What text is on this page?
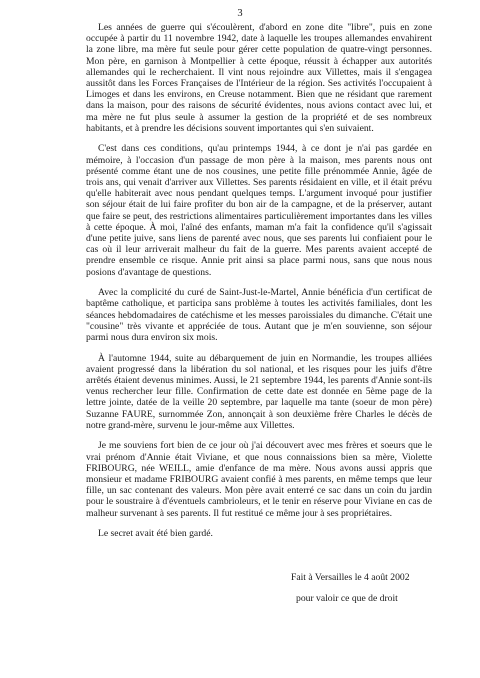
3

Les années de guerre qui s'écoulèrent, d'abord en zone dite "libre", puis en zone occupée à partir du 11 novembre 1942, date à laquelle les troupes allemandes envahirent la zone libre, ma mère fut seule pour gérer cette population de quatre-vingt personnes. Mon père, en garnison à Montpellier à cette époque, réussit à échapper aux autorités allemandes qui le recherchaient. Il vint nous rejoindre aux Villettes, mais il s'engagea aussitôt dans les Forces Françaises de l'Intérieur de la région. Ses activités l'occupaient à Limoges et dans les environs, en Creuse notamment. Bien que ne résidant que rarement dans la maison, pour des raisons de sécurité évidentes, nous avions contact avec lui, et ma mère ne fut plus seule à assumer la gestion de la propriété et de ses nombreux habitants, et à prendre les décisions souvent importantes qui s'en suivaient.

C'est dans ces conditions, qu'au printemps 1944, à ce dont je n'ai pas gardée en mémoire, à l'occasion d'un passage de mon père à la maison, mes parents nous ont présenté comme étant une de nos cousines, une petite fille prénommée Annie, âgée de trois ans, qui venait d'arriver aux Villettes. Ses parents résidaient en ville, et il était prévu qu'elle habiterait avec nous pendant quelques temps. L'argument invoqué pour justifier son séjour était de lui faire profiter du bon air de la campagne, et de la préserver, autant que faire se peut, des restrictions alimentaires particulièrement importantes dans les villes à cette époque. À moi, l'aîné des enfants, maman m'a fait la confidence qu'il s'agissait d'une petite juive, sans liens de parenté avec nous, que ses parents lui confiaient pour le cas où il leur arriverait malheur du fait de la guerre. Mes parents avaient accepté de prendre ensemble ce risque. Annie prit ainsi sa place parmi nous, sans que nous nous posions d'avantage de questions.

Avec la complicité du curé de Saint-Just-le-Martel, Annie bénéficia d'un certificat de baptême catholique, et participa sans problème à toutes les activités familiales, dont les séances hebdomadaires de catéchisme et les messes paroissiales du dimanche. C'était une "cousine" très vivante et appréciée de tous. Autant que je m'en souvienne, son séjour parmi nous dura environ six mois.

À l'automne 1944, suite au débarquement de juin en Normandie, les troupes alliées avaient progressé dans la libération du sol national, et les risques pour les juifs d'être arrêtés étaient devenus minimes. Aussi, le 21 septembre 1944, les parents d'Annie sont-ils venus rechercher leur fille. Confirmation de cette date est donnée en 5ème page de la lettre jointe, datée de la veille 20 septembre, par laquelle ma tante (soeur de mon père) Suzanne FAURE, surnommée Zon, annonçait à son deuxième frère Charles le décès de notre grand-mère, survenu le jour-même aux Villettes.

Je me souviens fort bien de ce jour où j'ai découvert avec mes frères et soeurs que le vrai prénom d'Annie était Viviane, et que nous connaissions bien sa mère, Violette FRIBOURG, née WEILL, amie d'enfance de ma mère. Nous avons aussi appris que monsieur et madame FRIBOURG avaient confié à mes parents, en même temps que leur fille, un sac contenant des valeurs. Mon père avait enterré ce sac dans un coin du jardin pour le soustraire à d'éventuels cambrioleurs, et le tenir en réserve pour Viviane en cas de malheur survenant à ses parents. Il fut restitué ce même jour à ses propriétaires.

Le secret avait été bien gardé.

Fait à Versailles le 4 août 2002
pour valoir ce que de droit
